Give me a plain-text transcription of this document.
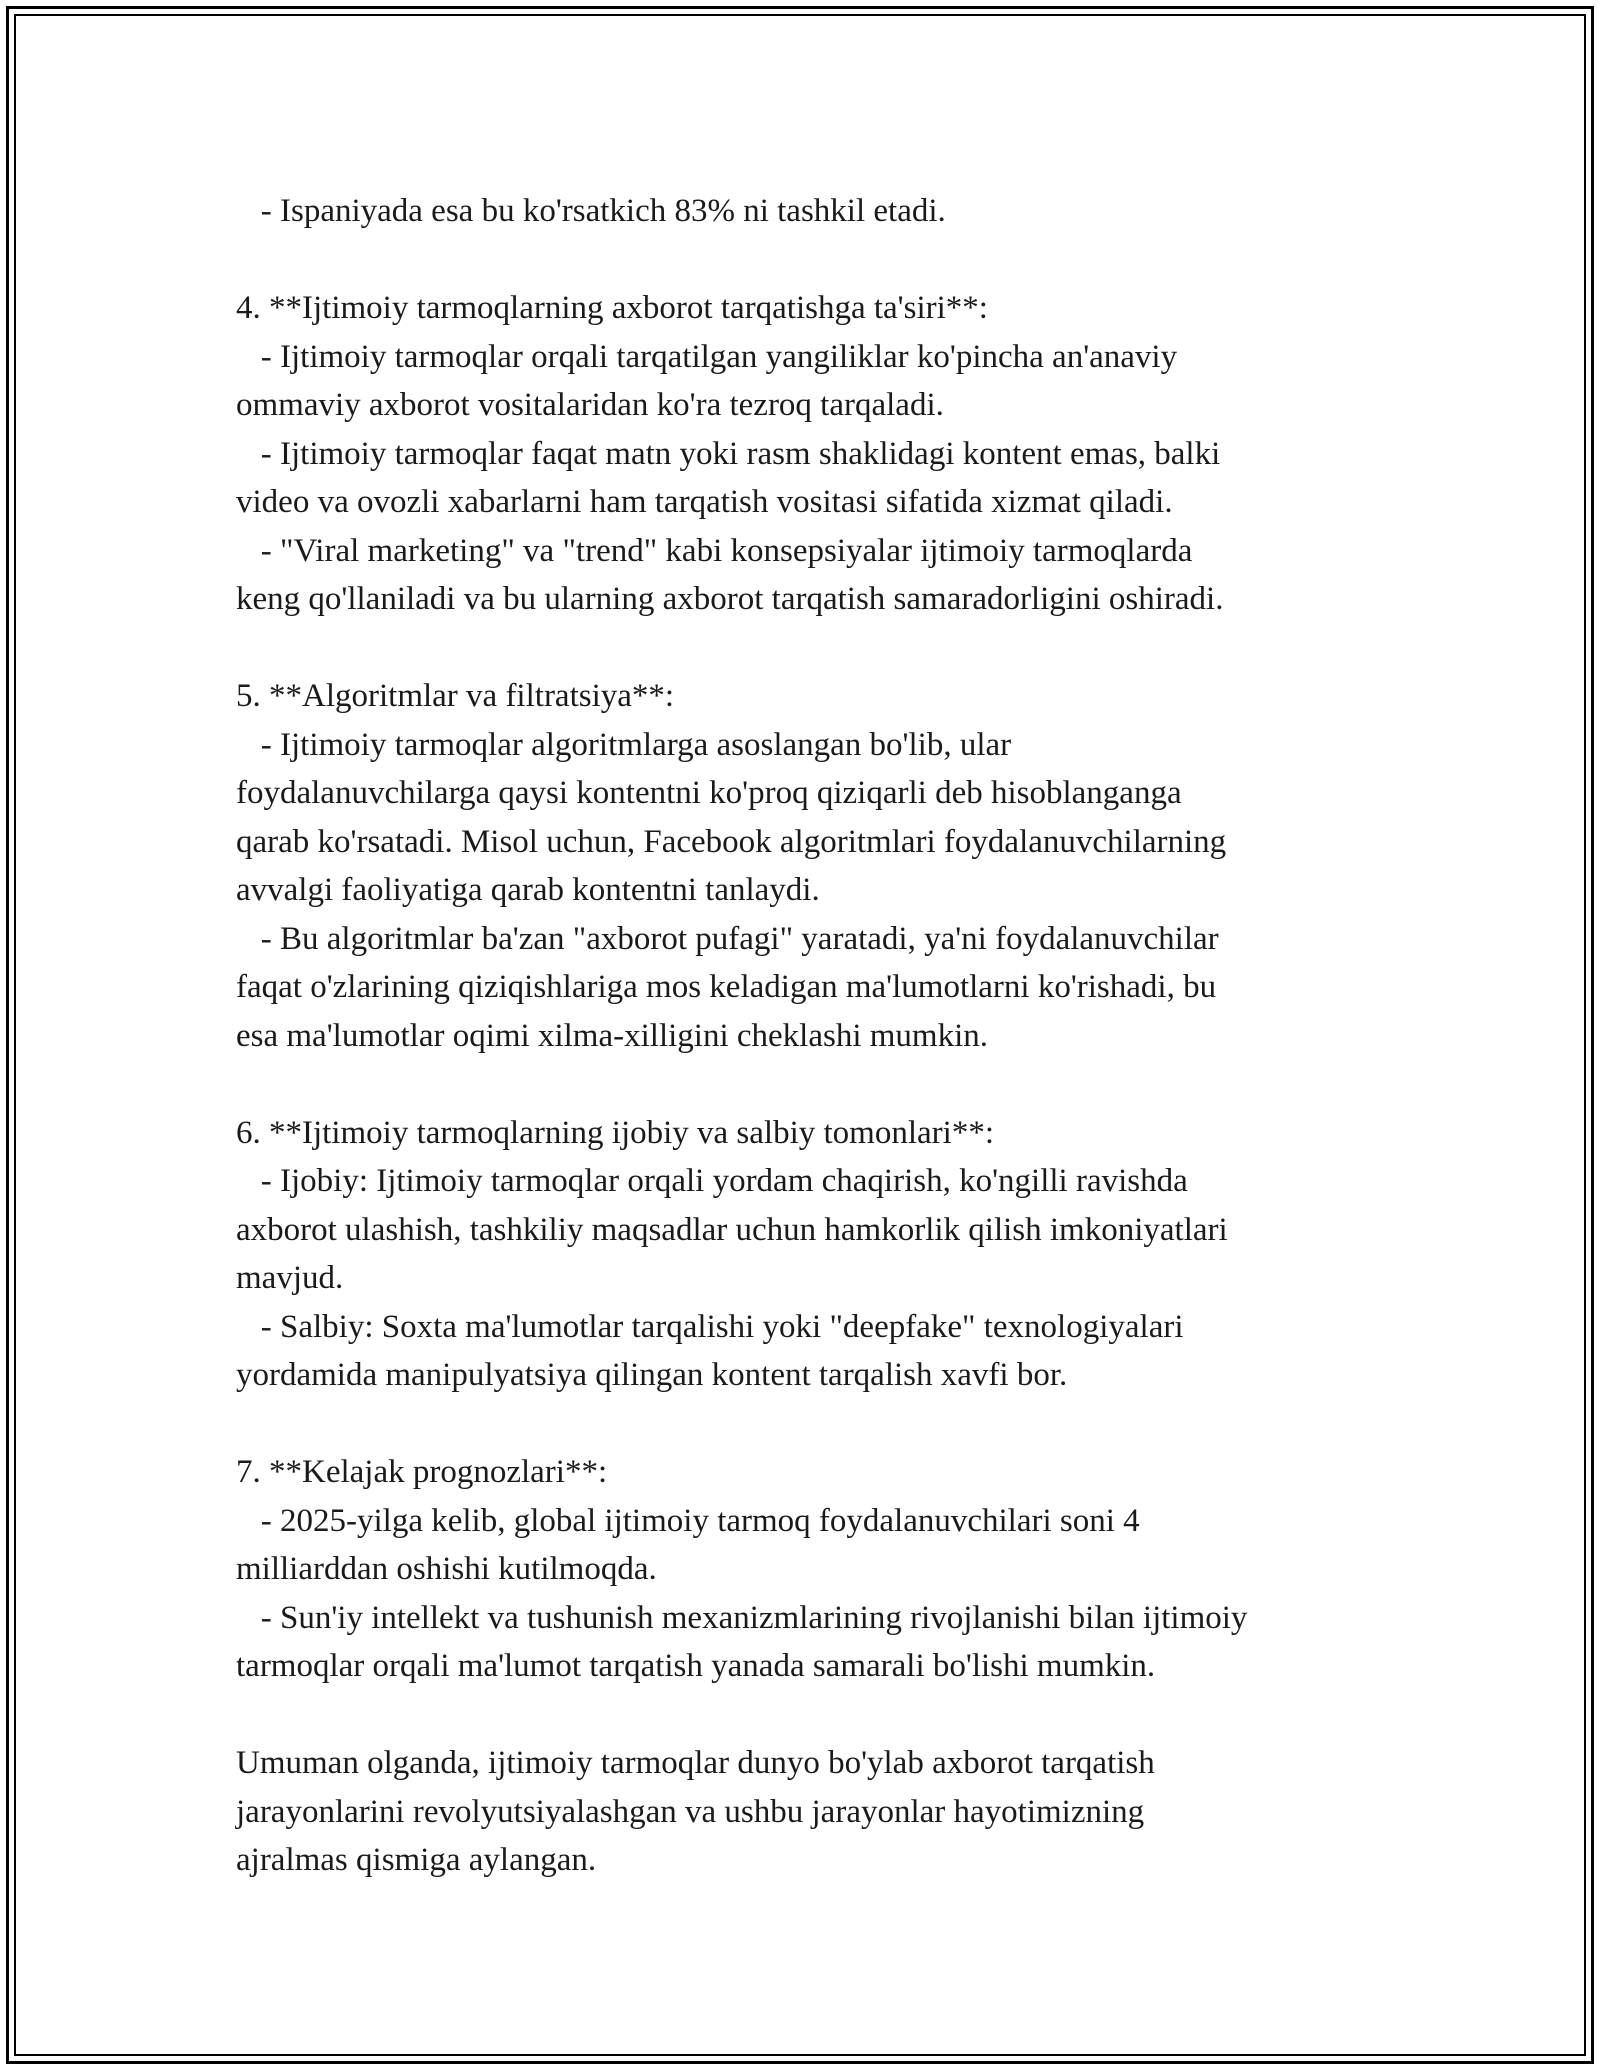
- Ispaniyada esa bu ko'rsatkich 83% ni tashkil etadi.
4. **Ijtimoiy tarmoqlarning axborot tarqatishga ta'siri**:
- Ijtimoiy tarmoqlar orqali tarqatilgan yangiliklar ko'pincha an'anaviy
ommaviy axborot vositalaridan ko'ra tezroq tarqaladi.
- Ijtimoiy tarmoqlar faqat matn yoki rasm shaklidagi kontent emas, balki
video va ovozli xabarlarni ham tarqatish vositasi sifatida xizmat qiladi.
- "Viral marketing" va "trend" kabi konsepsiyalar ijtimoiy tarmoqlarda
keng qo'llaniladi va bu ularning axborot tarqatish samaradorligini oshiradi.
5. **Algoritmlar va filtratsiya**:
- Ijtimoiy tarmoqlar algoritmlarga asoslangan bo'lib, ular
foydalanuvchilarga qaysi kontentni ko'proq qiziqarli deb hisoblanganga
qarab ko'rsatadi. Misol uchun, Facebook algoritmlari foydalanuvchilarning
avvalgi faoliyatiga qarab kontentni tanlaydi.
- Bu algoritmlar ba'zan "axborot pufagi" yaratadi, ya'ni foydalanuvchilar
faqat o'zlarining qiziqishlariga mos keladigan ma'lumotlarni ko'rishadi, bu
esa ma'lumotlar oqimi xilma-xilligini cheklashi mumkin.
6. **Ijtimoiy tarmoqlarning ijobiy va salbiy tomonlari**:
- Ijobiy: Ijtimoiy tarmoqlar orqali yordam chaqirish, ko'ngilli ravishda
axborot ulashish, tashkiliy maqsadlar uchun hamkorlik qilish imkoniyatlari
mavjud.
- Salbiy: Soxta ma'lumotlar tarqalishi yoki "deepfake" texnologiyalari
yordamida manipulyatsiya qilingan kontent tarqalish xavfi bor.
7. **Kelajak prognozlari**:
- 2025-yilga kelib, global ijtimoiy tarmoq foydalanuvchilari soni 4
milliarddan oshishi kutilmoqda.
- Sun'iy intellekt va tushunish mexanizmlarining rivojlanishi bilan ijtimoiy
tarmoqlar orqali ma'lumot tarqatish yanada samarali bo'lishi mumkin.
Umuman olganda, ijtimoiy tarmoqlar dunyo bo'ylab axborot tarqatish
jarayonlarini revolyutsiyalashgan va ushbu jarayonlar hayotimizning
ajralmas qismiga aylangan.
